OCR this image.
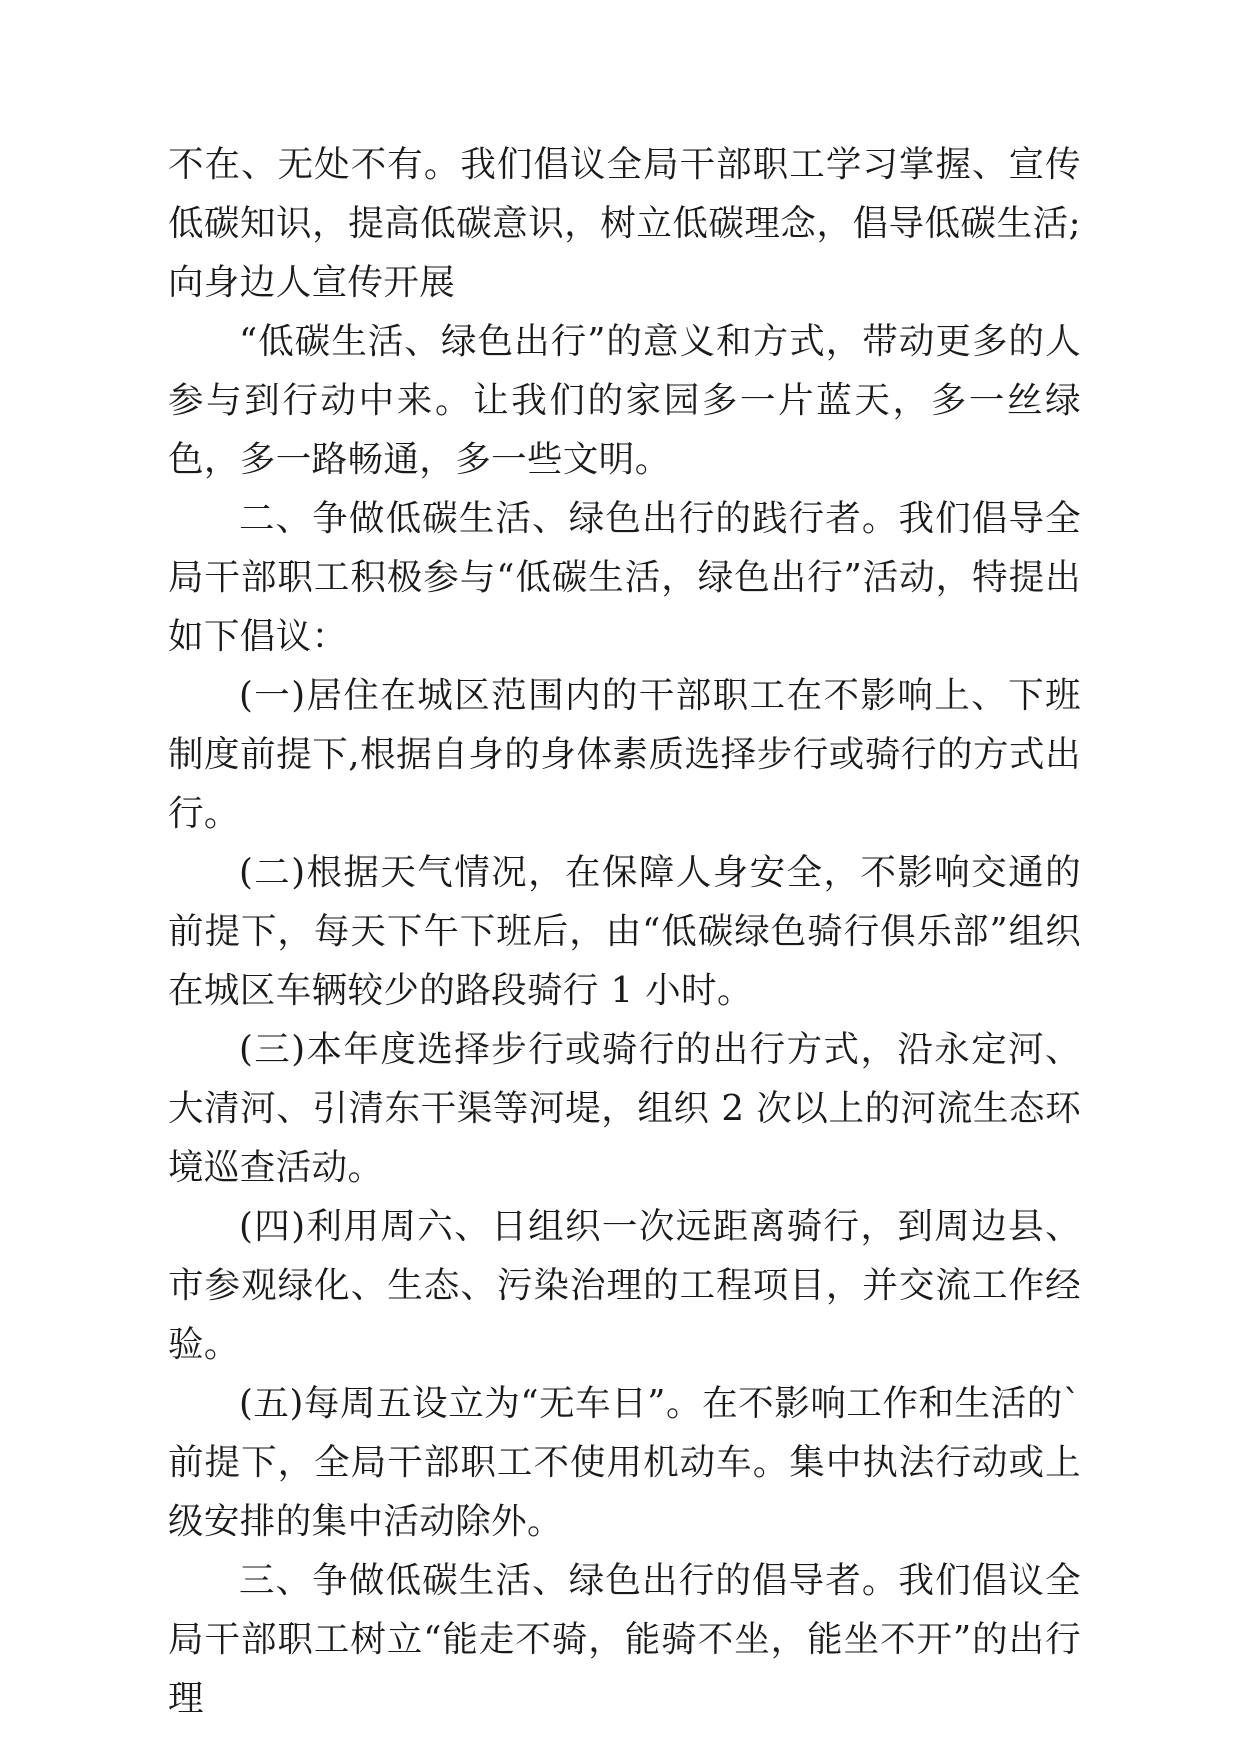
不在、无处不有。我们倡议全局干部职工学习掌握、宣传低碳知识，提高低碳意识，树立低碳理念，倡导低碳生活;向身边人宣传开展

“低碳生活、绿色出行”的意义和方式，带动更多的人参与到行动中来。让我们的家园多一片蓝天，多一丝绿色，多一路畅通，多一些文明。

二、争做低碳生活、绿色出行的践行者。我们倡导全局干部职工积极参与“低碳生活，绿色出行”活动，特提出如下倡议：

(一)居住在城区范围内的干部职工在不影响上、下班制度前提下,根据自身的身体素质选择步行或骑行的方式出行。

(二)根据天气情况，在保障人身安全，不影响交通的前提下，每天下午下班后，由“低碳绿色骑行俱乐部”组织在城区车辆较少的路段骑行 1 小时。

(三)本年度选择步行或骑行的出行方式，沿永定河、大清河、引清东干渠等河堤，组织 2 次以上的河流生态环境巡查活动。

(四)利用周六、日组织一次远距离骑行，到周边县、市参观绿化、生态、污染治理的工程项目，并交流工作经验。

(五)每周五设立为“无车日”。在不影响工作和生活的`前提下，全局干部职工不使用机动车。集中执法行动或上级安排的集中活动除外。

三、争做低碳生活、绿色出行的倡导者。我们倡议全局干部职工树立“能走不骑，能骑不坐，能坐不开”的出行理
